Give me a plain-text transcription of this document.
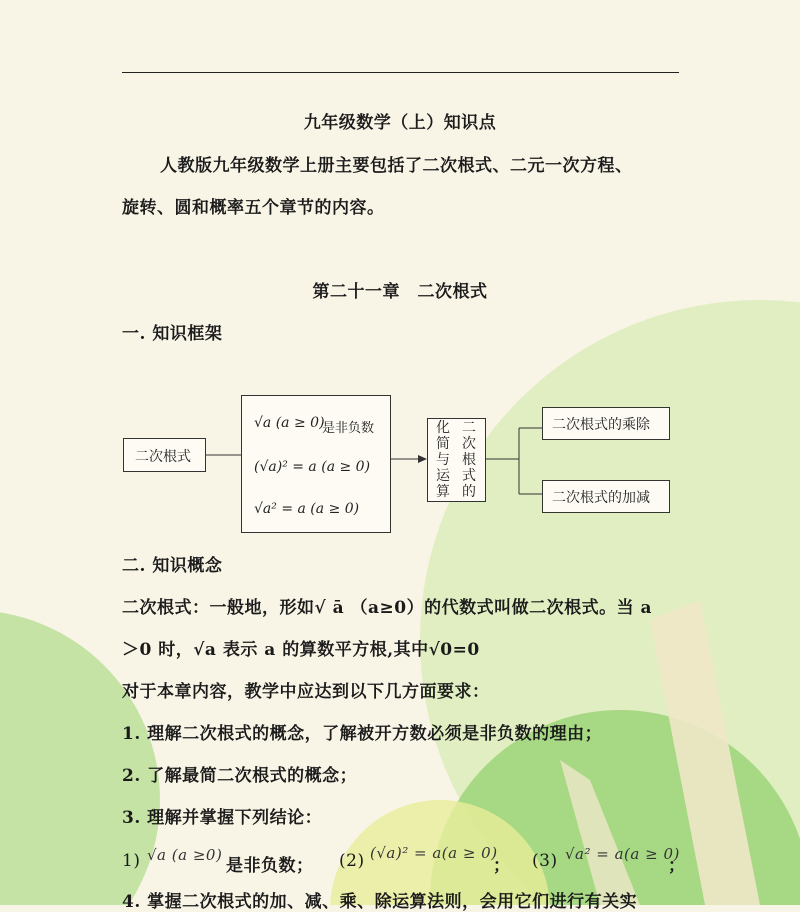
九年级数学（上）知识点
人教版九年级数学上册主要包括了二次根式、二元一次方程、
旋转、圆和概率五个章节的内容。
第二十一章　二次根式
一. 知识框架
二次根式
√a (a ≥ 0)
是非负数
(√a)² = a (a ≥ 0)
√a² = a (a ≥ 0)
化简与运算
二次根式的
二次根式的乘除
二次根式的加减
二. 知识概念
二次根式：一般地，形如√ ā （a≥0）的代数式叫做二次根式。当 a
＞0 时，√a 表示 a 的算数平方根,其中√0=0
对于本章内容，教学中应达到以下几方面要求：
1. 理解二次根式的概念，了解被开方数必须是非负数的理由；
2. 了解最简二次根式的概念；
3. 理解并掌握下列结论：
1) √a (a ≥0)
是非负数； (2) (√a)² = a(a ≥ 0)
； (3) √a² = a(a ≥ 0)
；
4. 掌握二次根式的加、减、乘、除运算法则，会用它们进行有关实
